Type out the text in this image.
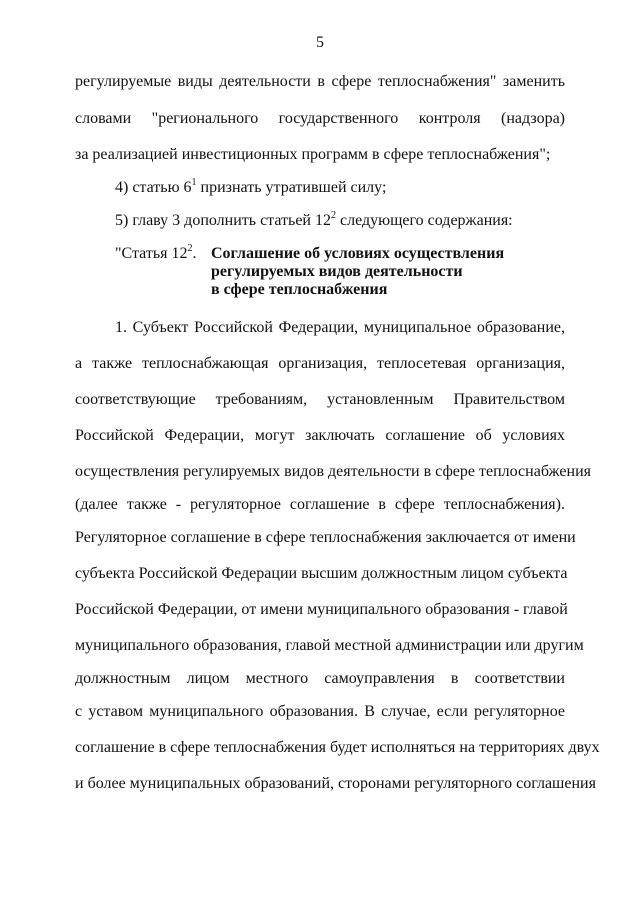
5
регулируемые виды деятельности в сфере теплоснабжения" заменить
словами "регионального государственного контроля (надзора)
за реализацией инвестиционных программ в сфере теплоснабжения";
4) статью $6^1$ признать утратившей силу;
5) главу 3 дополнить статьей $12^2$ следующего содержания:
"Статья $12^2$. Соглашение об условиях осуществления
регулируемых видов деятельности
в сфере теплоснабжения
1. Субъект Российской Федерации, муниципальное образование,
а также теплоснабжающая организация, теплосетевая организация,
соответствующие требованиям, установленным Правительством
Российской Федерации, могут заключать соглашение об условиях
осуществления регулируемых видов деятельности в сфере теплоснабжения
(далее также - регуляторное соглашение в сфере теплоснабжения).
Регуляторное соглашение в сфере теплоснабжения заключается от имени
субъекта Российской Федерации высшим должностным лицом субъекта
Российской Федерации, от имени муниципального образования - главой
муниципального образования, главой местной администрации или другим
должностным лицом местного самоуправления в соответствии
с уставом муниципального образования. В случае, если регуляторное
соглашение в сфере теплоснабжения будет исполняться на территориях двух
и более муниципальных образований, сторонами регуляторного соглашения
